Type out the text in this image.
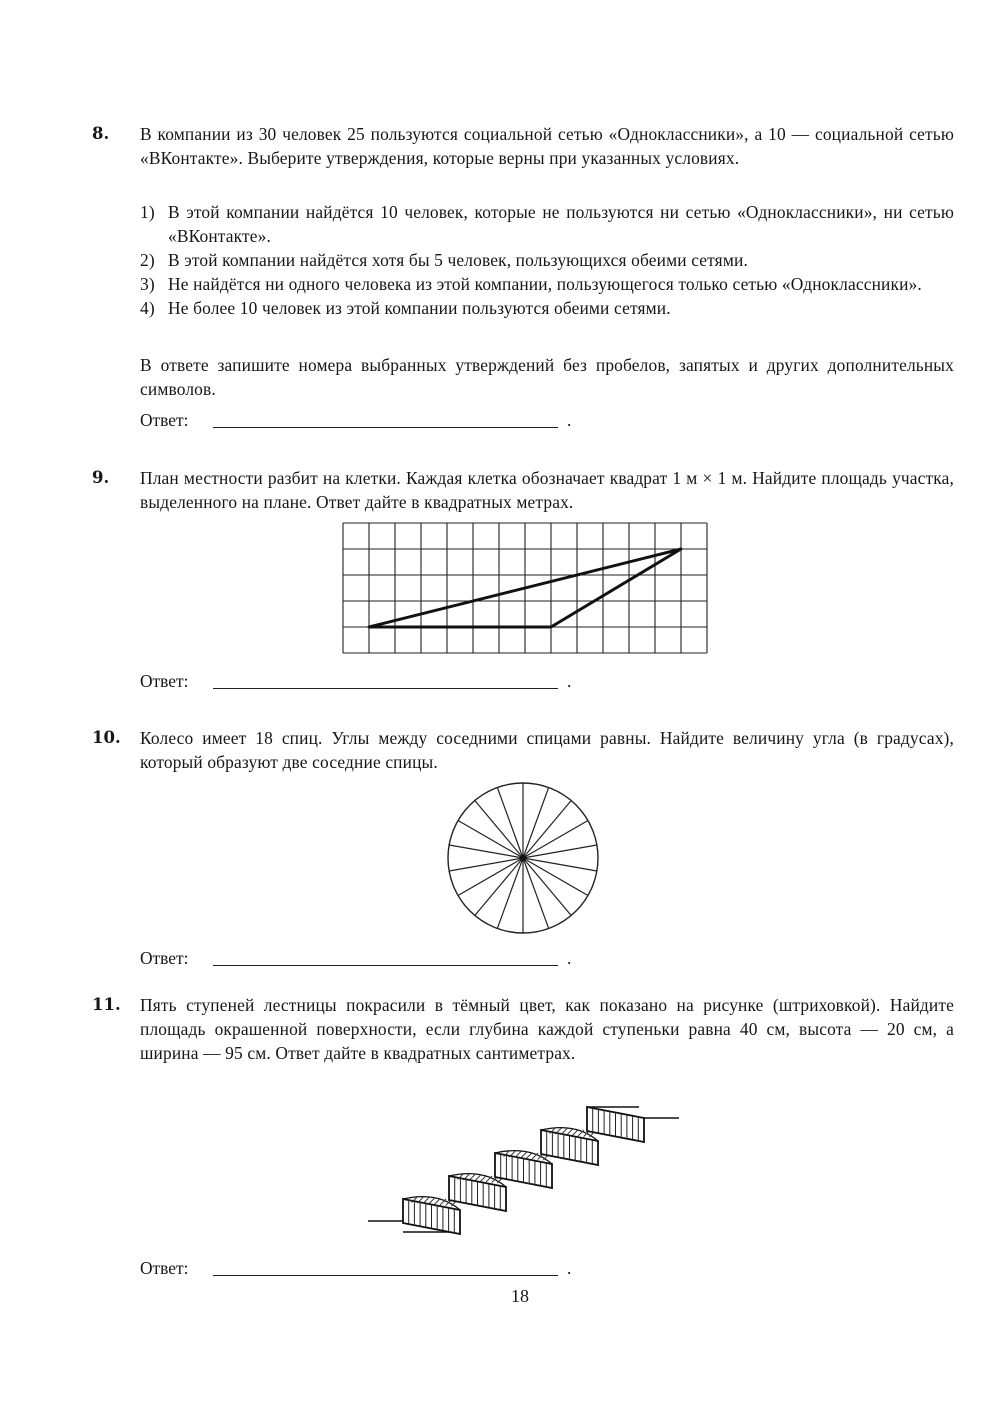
8. В компании из 30 человек 25 пользуются социальной сетью «Одноклассники», а 10 — социальной сетью «ВКонтакте». Выберите утверждения, которые верны при указанных условиях.

1) В этой компании найдётся 10 человек, которые не пользуются ни сетью «Одноклассники», ни сетью «ВКонтакте».
2) В этой компании найдётся хотя бы 5 человек, пользующихся обеими сетями.
3) Не найдётся ни одного человека из этой компании, пользующегося только сетью «Одноклассники».
4) Не более 10 человек из этой компании пользуются обеими сетями.
В ответе запишите номера выбранных утверждений без пробелов, запятых и других дополнительных символов.
Ответ:	.
9. План местности разбит на клетки. Каждая клетка обозначает квадрат 1 м × 1 м. Найдите площадь участка, выделенного на плане. Ответ дайте в квадратных метрах.
Ответ:	.
10. Колесо имеет 18 спиц. Углы между соседними спицами равны. Найдите величину угла (в градусах), который образуют две соседние спицы.
Ответ:	.
11. Пять ступеней лестницы покрасили в тёмный цвет, как показано на рисунке (штриховкой). Найдите площадь окрашенной поверхности, если глубина каждой ступеньки равна 40 см, высота — 20 см, а ширина — 95 см. Ответ дайте в квадратных сантиметрах.
Ответ:	.
18
